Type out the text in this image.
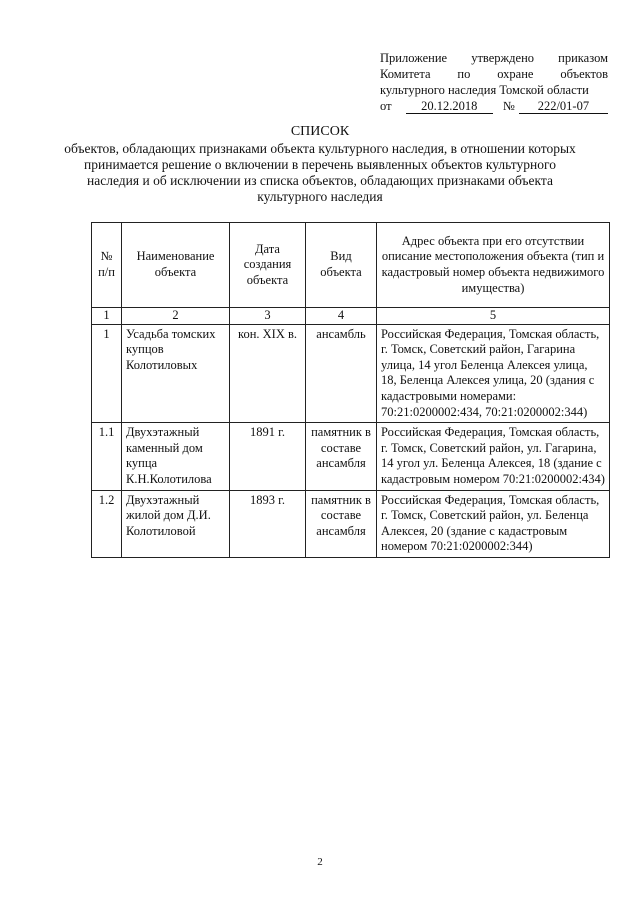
Приложение утверждено приказом
Комитета по охране объектов
культурного наследия Томской области
от	20.12.2018	№	222/01-07
СПИСОК
объектов, обладающих признаками объекта культурного наследия, в отношении которых принимается решение о включении в перечень выявленных объектов культурного наследия и об исключении из списка объектов, обладающих признаками объекта культурного наследия
№ п/п	Наименование объекта	Дата создания объекта	Вид объекта	Адрес объекта при его отсутствии описание местоположения объекта (тип и кадастровый номер объекта недвижимого имущества)
1	2	3	4	5
1	Усадьба томских купцов Колотиловых	кон. XIX в.	ансамбль	Российская Федерация, Томская область, г. Томск, Советский район, Гагарина улица, 14 угол Беленца Алексея улица, 18, Беленца Алексея улица, 20 (здания с кадастровыми номерами: 70:21:0200002:434, 70:21:0200002:344)
1.1	Двухэтажный каменный дом купца К.Н.Колотилова	1891 г.	памятник в составе ансамбля	Российская Федерация, Томская область, г. Томск, Советский район, ул. Гагарина, 14 угол ул. Беленца Алексея, 18 (здание с кадастровым номером 70:21:0200002:434)
1.2	Двухэтажный жилой дом Д.И. Колотиловой	1893 г.	памятник в составе ансамбля	Российская Федерация, Томская область, г. Томск, Советский район, ул. Беленца Алексея, 20 (здание с кадастровым номером 70:21:0200002:344)
2
